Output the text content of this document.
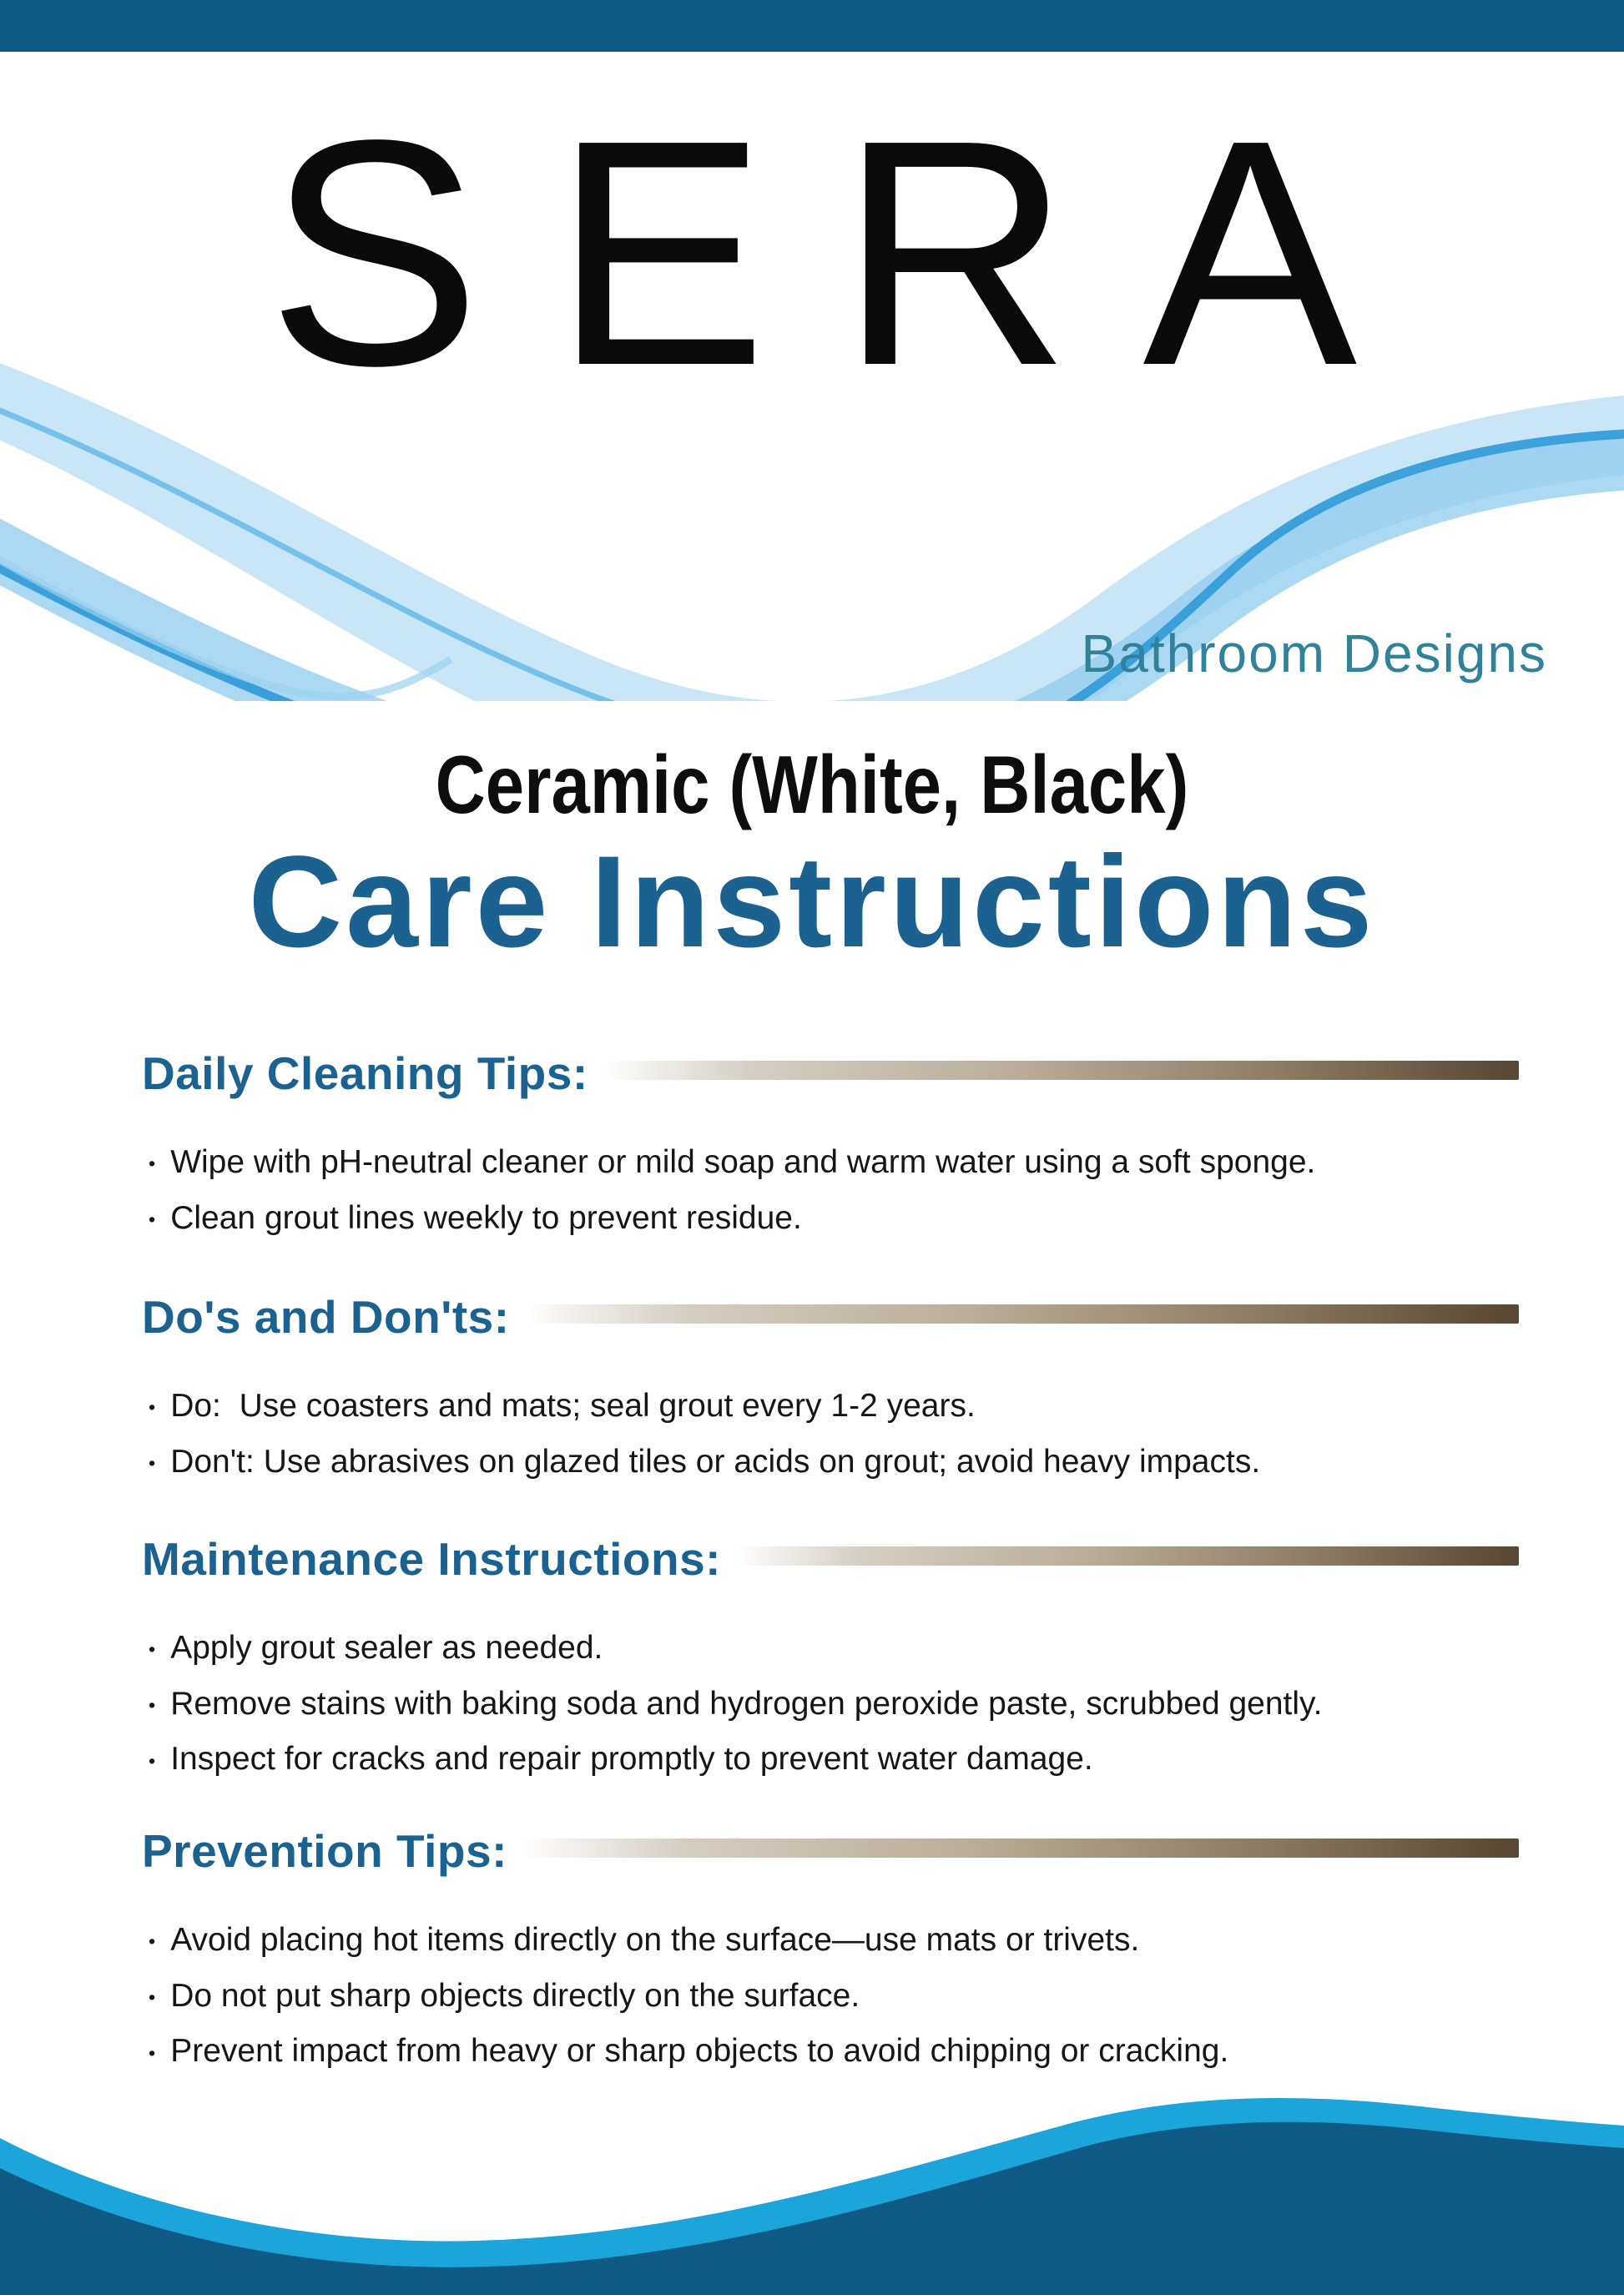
SERA
Bathroom Designs
Ceramic (White, Black)
Care Instructions
Daily Cleaning Tips:
• Wipe with pH-neutral cleaner or mild soap and warm water using a soft sponge.
• Clean grout lines weekly to prevent residue.
Do's and Don'ts:
• Do:  Use coasters and mats; seal grout every 1-2 years.
• Don't: Use abrasives on glazed tiles or acids on grout; avoid heavy impacts.
Maintenance Instructions:
• Apply grout sealer as needed.
• Remove stains with baking soda and hydrogen peroxide paste, scrubbed gently.
• Inspect for cracks and repair promptly to prevent water damage.
Prevention Tips:
• Avoid placing hot items directly on the surface—use mats or trivets.
• Do not put sharp objects directly on the surface.
• Prevent impact from heavy or sharp objects to avoid chipping or cracking.
